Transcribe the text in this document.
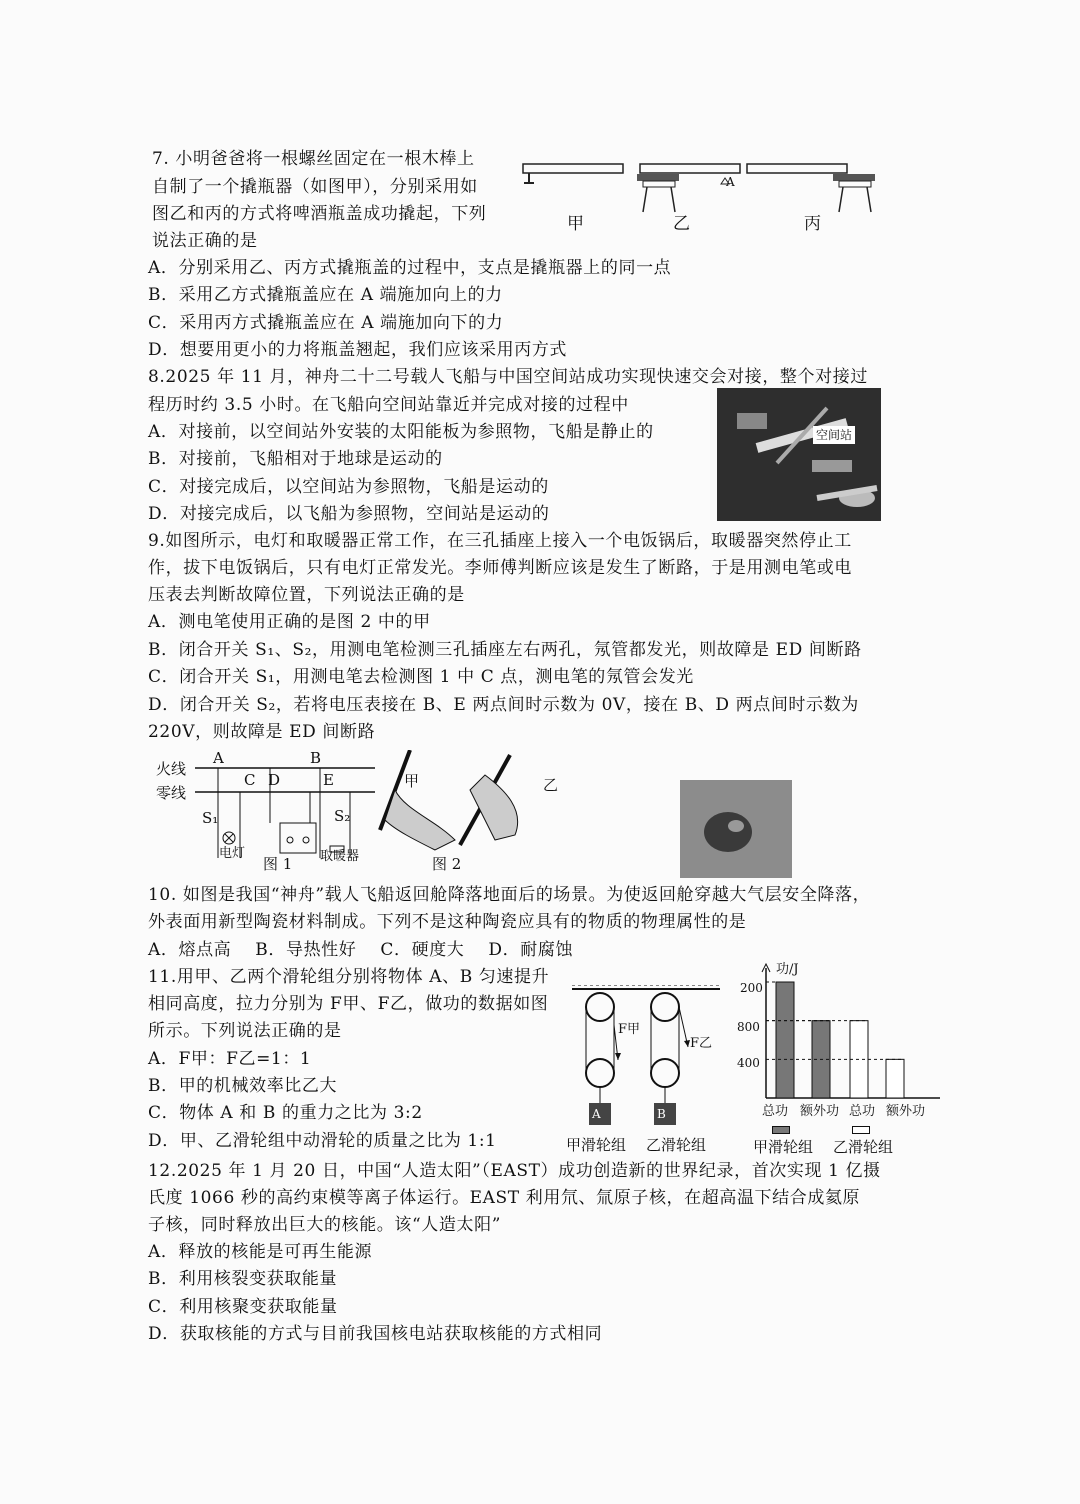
7. 小明爸爸将一根螺丝固定在一根木棒上
自制了一个撬瓶器（如图甲），分别采用如
图乙和丙的方式将啤酒瓶盖成功撬起，下列
说法正确的是
A
甲	乙	丙
A．分别采用乙、丙方式撬瓶盖的过程中，支点是撬瓶器上的同一点
B．采用乙方式撬瓶盖应在 A 端施加向上的力
C．采用丙方式撬瓶盖应在 A 端施加向下的力
D．想要用更小的力将瓶盖翘起，我们应该采用丙方式
8.2025 年 11 月，神舟二十二号载人飞船与中国空间站成功实现快速交会对接，整个对接过
程历时约 3.5 小时。在飞船向空间站靠近并完成对接的过程中
A．对接前，以空间站外安装的太阳能板为参照物，飞船是静止的
B．对接前，飞船相对于地球是运动的
C．对接完成后，以空间站为参照物，飞船是运动的
D．对接完成后，以飞船为参照物，空间站是运动的
空间站
9.如图所示，电灯和取暖器正常工作，在三孔插座上接入一个电饭锅后，取暖器突然停止工
作，拔下电饭锅后，只有电灯正常发光。李师傅判断应该是发生了断路，于是用测电笔或电
压表去判断故障位置，下列说法正确的是
A．测电笔使用正确的是图 2 中的甲
B．闭合开关 S₁、S₂，用测电笔检测三孔插座左右两孔，氖管都发光，则故障是 ED 间断路
C．闭合开关 S₁，用测电笔去检测图 1 中 C 点，测电笔的氖管会发光
D．闭合开关 S₂，若将电压表接在 B、E 两点间时示数为 0V，接在 B、D 两点间时示数为
220V，则故障是 ED 间断路
火线
零线
A	B
C D	E
S₁	S₂
电灯
图 1 取暖器
甲	乙
图 2
10. 如图是我国“神舟”载人飞船返回舱降落地面后的场景。为使返回舱穿越大气层安全降落，
外表面用新型陶瓷材料制成。下列不是这种陶瓷应具有的物质的物理属性的是
A．熔点高    B．导热性好    C．硬度大    D．耐腐蚀
11.用甲、乙两个滑轮组分别将物体 A、B 匀速提升
相同高度，拉力分别为 F甲、F乙，做功的数据如图
所示。下列说法正确的是
A．F甲：F乙=1：1
B．甲的机械效率比乙大
C．物体 A 和 B 的重力之比为 3:2
D．甲、乙滑轮组中动滑轮的质量之比为 1:1
A	B
F甲
F乙
甲滑轮组 乙滑轮组
功/J
200
800
400
总功 额外功 总功 额外功
甲滑轮组 乙滑轮组
12.2025 年 1 月 20 日，中国“人造太阳”（EAST）成功创造新的世界纪录，首次实现 1 亿摄
氏度 1066 秒的高约束模等离子体运行。EAST 利用氘、氚原子核，在超高温下结合成氦原
子核，同时释放出巨大的核能。该“人造太阳”
A．释放的核能是可再生能源
B．利用核裂变获取能量
C．利用核聚变获取能量
D．获取核能的方式与目前我国核电站获取核能的方式相同
